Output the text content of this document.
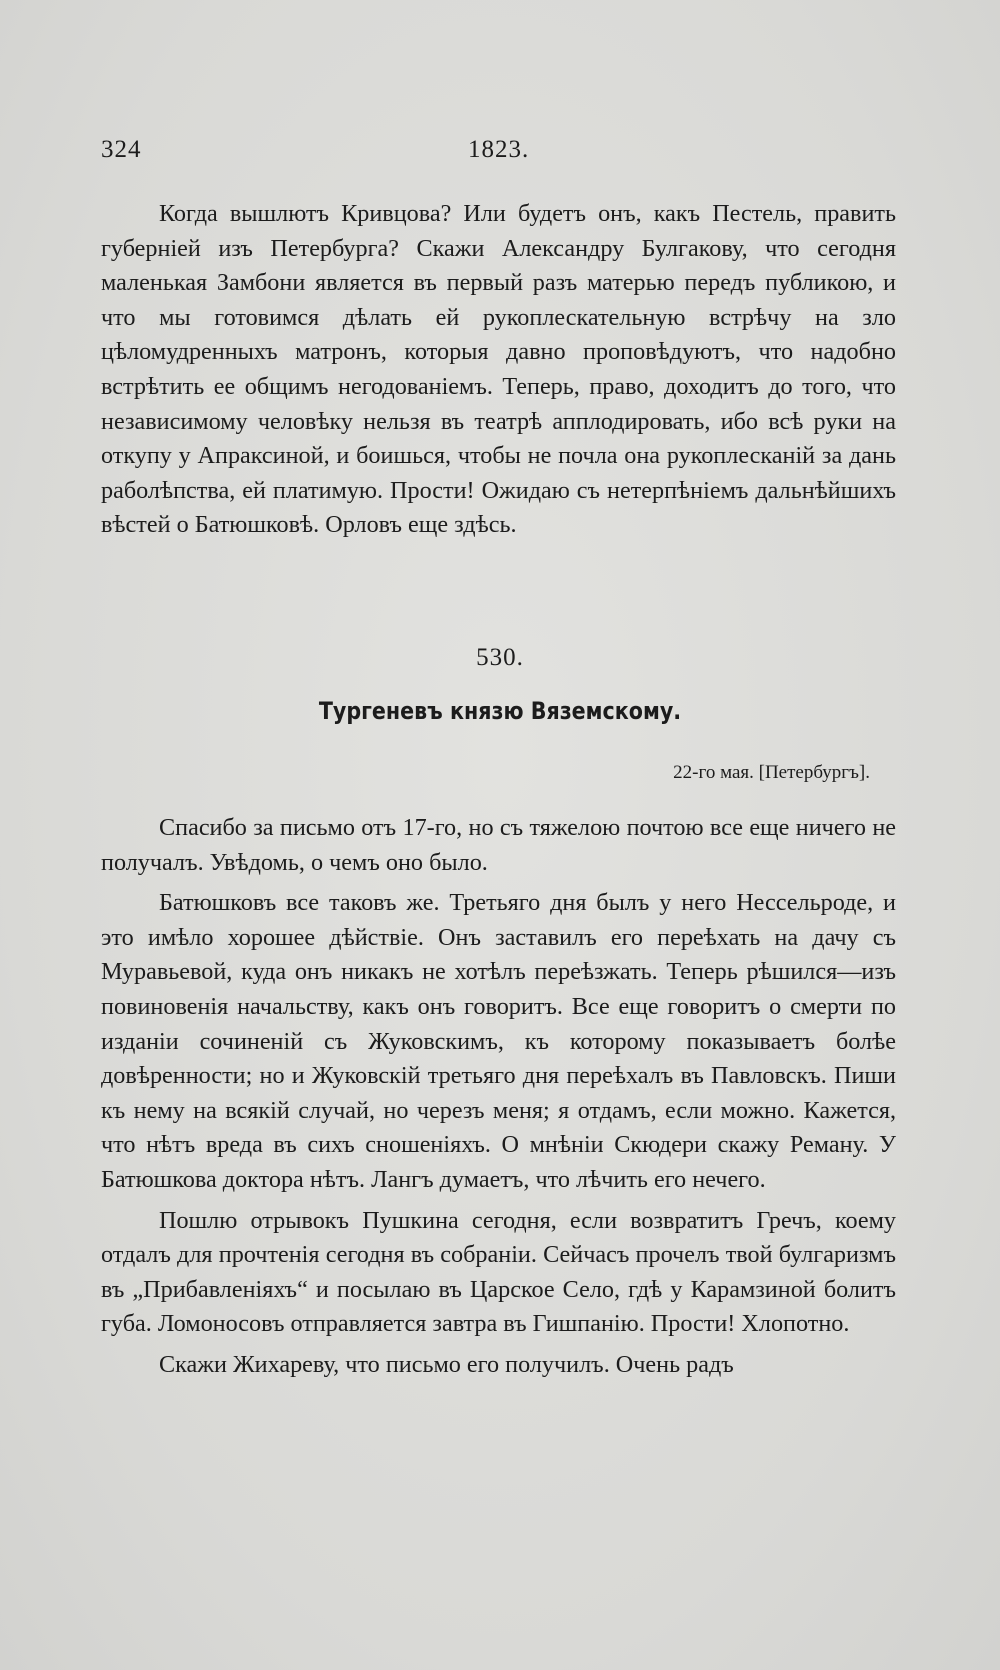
324	1823.

Когда вышлютъ Кривцова? Или будетъ онъ, какъ Пестель, править губерніей изъ Петербурга? Скажи Александру Булгакову, что сегодня маленькая Замбони является въ первый разъ матерью передъ публикою, и что мы готовимся дѣлать ей рукоплескательную встрѣчу на зло цѣломудренныхъ матронъ, которыя давно проповѣдуютъ, что надобно встрѣтить ее общимъ негодованіемъ. Теперь, право, доходитъ до того, что независимому человѣку нельзя въ театрѣ апплодировать, ибо всѣ руки на откупу у Апраксиной, и боишься, чтобы не почла она рукоплесканій за дань раболѣпства, ей платимую. Прости! Ожидаю съ нетерпѣніемъ дальнѣйшихъ вѣстей о Батюшковѣ. Орловъ еще здѣсь.

530.
Тургеневъ князю Вяземскому.
22-го мая. [Петербургъ].

Спасибо за письмо отъ 17-го, но съ тяжелою почтою все еще ничего не получалъ. Увѣдомь, о чемъ оно было.

Батюшковъ все таковъ же. Третьяго дня былъ у него Нессельроде, и это имѣло хорошее дѣйствіе. Онъ заставилъ его переѣхать на дачу съ Муравьевой, куда онъ никакъ не хотѣлъ переѣзжать. Теперь рѣшился—изъ повиновенія начальству, какъ онъ говоритъ. Все еще говоритъ о смерти по изданіи сочиненій съ Жуковскимъ, къ которому показываетъ болѣе довѣренности; но и Жуковскій третьяго дня переѣхалъ въ Павловскъ. Пиши къ нему на всякій случай, но черезъ меня; я отдамъ, если можно. Кажется, что нѣтъ вреда въ сихъ сношеніяхъ. О мнѣніи Скюдери скажу Реману. У Батюшкова доктора нѣтъ. Лангъ думаетъ, что лѣчить его нечего.

Пошлю отрывокъ Пушкина сегодня, если возвратитъ Гречъ, коему отдалъ для прочтенія сегодня въ собраніи. Сейчасъ прочелъ твой булгаризмъ въ „Прибавленіяхъ“ и посылаю въ Царское Село, гдѣ у Карамзиной болитъ губа. Ломоносовъ отправляется завтра въ Гишпанію. Прости! Хлопотно.

Скажи Жихареву, что письмо его получилъ. Очень радъ
